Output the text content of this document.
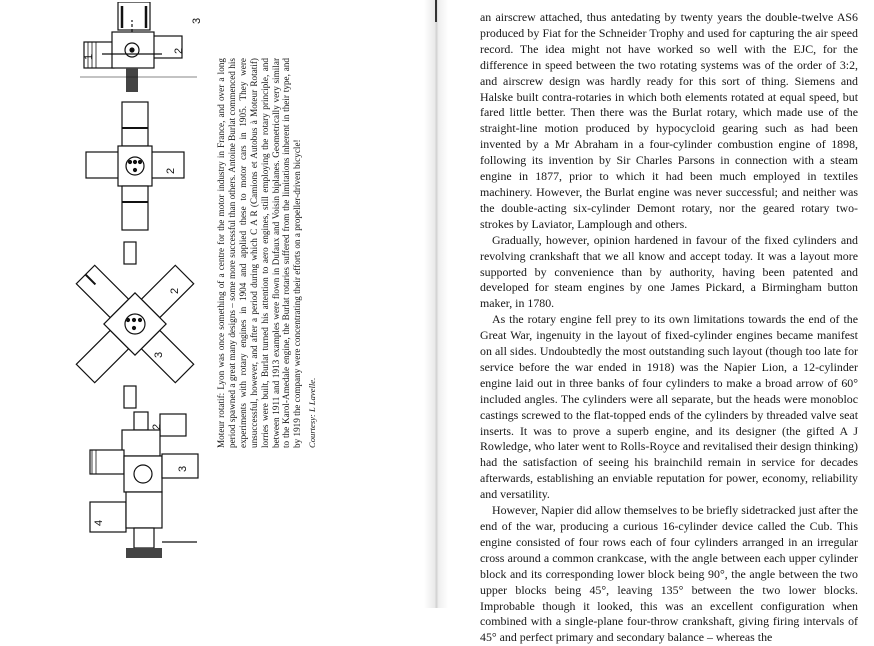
3
2
1
2
2
3
2
3
4

Moteur rotatif: Lyon was once something of a centre for the motor industry in France, and over a long period spawned a great many designs – some more successful than others. Antoine Burlat commenced his experiments with rotary engines in 1904 and applied these to motor cars in 1905. They were unsuccessful, however, and after a period during which C A R (Camions et Autobus à Moteur Rotatif) lorries were built, Burlat turned his attention to aero engines, still employing the rotary principle, and between 1911 and 1913 examples were flown in Dufaux and Voisin biplanes. Geometrically very similar to the Karol-Amedale engine, the Burlat rotaries suffered from the limitations inherent in their type, and by 1919 the company were concentrating their efforts on a propeller-driven bicycle! Courtesy: L Lavelle.

an airscrew attached, thus antedating by twenty years the double-twelve AS6 produced by Fiat for the Schneider Trophy and used for capturing the air speed record. The idea might not have worked so well with the EJC, for the difference in speed between the two rotating systems was of the order of 3:2, and airscrew design was hardly ready for this sort of thing. Siemens and Halske built contra-rotaries in which both elements rotated at equal speed, but fared little better. Then there was the Burlat rotary, which made use of the straight-line motion produced by hypocycloid gearing such as had been invented by a Mr Abraham in a four-cylinder combustion engine of 1898, following its invention by Sir Charles Parsons in connection with a steam engine in 1877, prior to which it had been much employed in textiles machinery. However, the Burlat engine was never successful; and neither was the double-acting six-cylinder Demont rotary, nor the geared rotary two-strokes by Laviator, Lamplough and others.

Gradually, however, opinion hardened in favour of the fixed cylinders and revolving crankshaft that we all know and accept today. It was a layout more supported by convenience than by authority, having been patented and developed for steam engines by one James Pickard, a Birmingham button maker, in 1780.

As the rotary engine fell prey to its own limitations towards the end of the Great War, ingenuity in the layout of fixed-cylinder engines became manifest on all sides. Undoubtedly the most outstanding such layout (though too late for service before the war ended in 1918) was the Napier Lion, a 12-cylinder engine laid out in three banks of four cylinders to make a broad arrow of 60° included angles. The cylinders were all separate, but the heads were monobloc castings screwed to the flat-topped ends of the cylinders by threaded valve seat inserts. It was to prove a superb engine, and its designer (the gifted A J Rowledge, who later went to Rolls-Royce and revitalised their design thinking) had the satisfaction of seeing his brainchild remain in service for decades afterwards, establishing an enviable reputation for power, economy, reliability and versatility.

However, Napier did allow themselves to be briefly sidetracked just after the end of the war, producing a curious 16-cylinder device called the Cub. This engine consisted of four rows each of four cylinders arranged in an irregular cross around a common crankcase, with the angle between each upper cylinder block and its corresponding lower block being 90°, the angle between the two upper blocks being 45°, leaving 135° between the two lower blocks. Improbable though it looked, this was an excellent configuration when combined with a single-plane four-throw crankshaft, giving firing intervals of 45° and perfect primary and secondary balance – whereas the
